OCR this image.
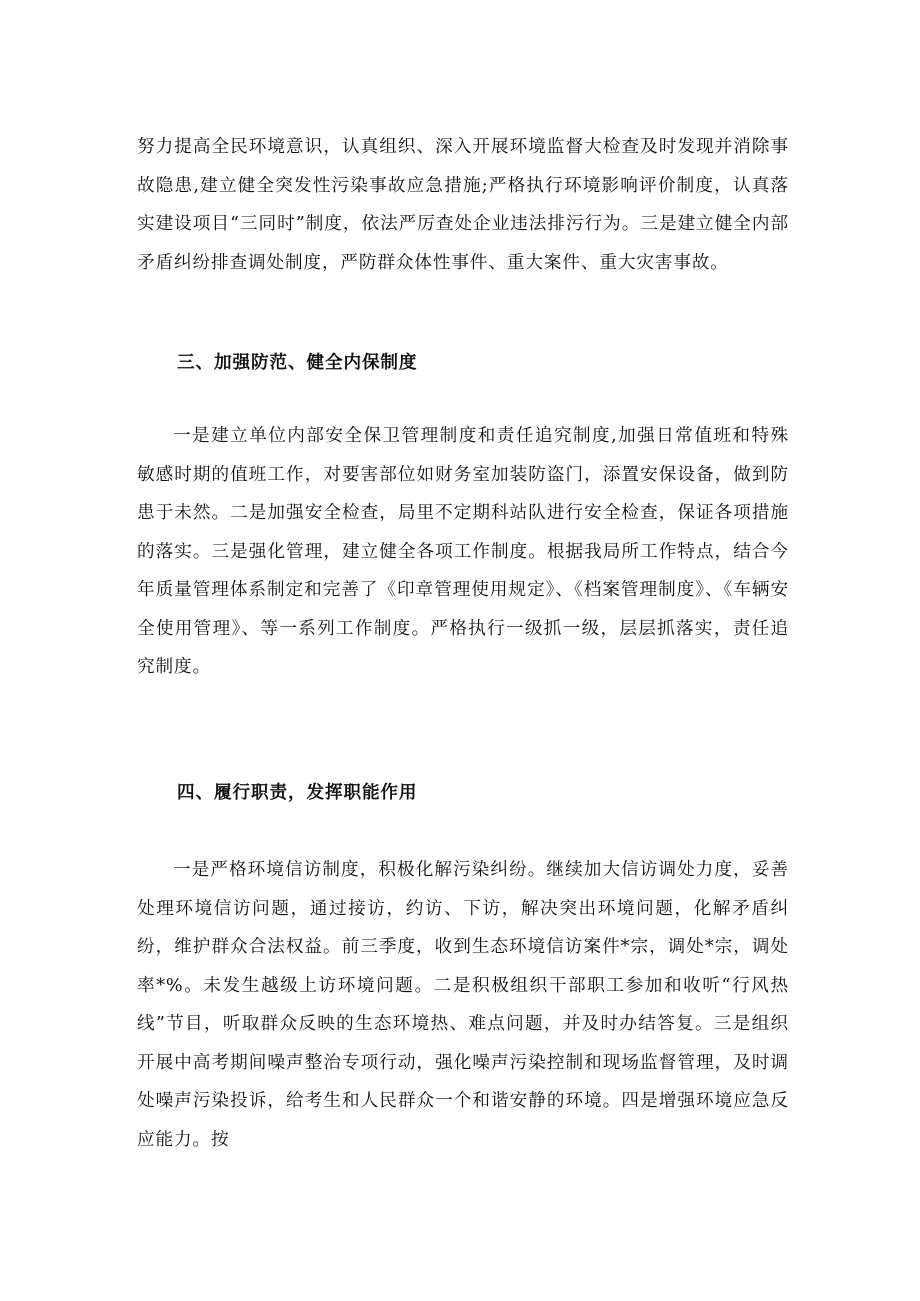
努力提高全民环境意识，认真组织、深入开展环境监督大检查及时发现并消除事故隐患,建立健全突发性污染事故应急措施;严格执行环境影响评价制度，认真落实建设项目“三同时”制度，依法严厉查处企业违法排污行为。三是建立健全内部矛盾纠纷排查调处制度，严防群众体性事件、重大案件、重大灾害事故。

三、加强防范、健全内保制度

一是建立单位内部安全保卫管理制度和责任追究制度,加强日常值班和特殊敏感时期的值班工作，对要害部位如财务室加装防盗门，添置安保设备，做到防患于未然。二是加强安全检查，局里不定期科站队进行安全检查，保证各项措施的落实。三是强化管理，建立健全各项工作制度。根据我局所工作特点，结合今年质量管理体系制定和完善了《印章管理使用规定》、《档案管理制度》、《车辆安全使用管理》、等一系列工作制度。严格执行一级抓一级，层层抓落实，责任追究制度。

四、履行职责，发挥职能作用

一是严格环境信访制度，积极化解污染纠纷。继续加大信访调处力度，妥善处理环境信访问题，通过接访，约访、下访，解决突出环境问题，化解矛盾纠纷，维护群众合法权益。前三季度，收到生态环境信访案件*宗，调处*宗，调处率*%。未发生越级上访环境问题。二是积极组织干部职工参加和收听“行风热线”节目，听取群众反映的生态环境热、难点问题，并及时办结答复。三是组织开展中高考期间噪声整治专项行动，强化噪声污染控制和现场监督管理，及时调处噪声污染投诉，给考生和人民群众一个和谐安静的环境。四是增强环境应急反应能力。按
